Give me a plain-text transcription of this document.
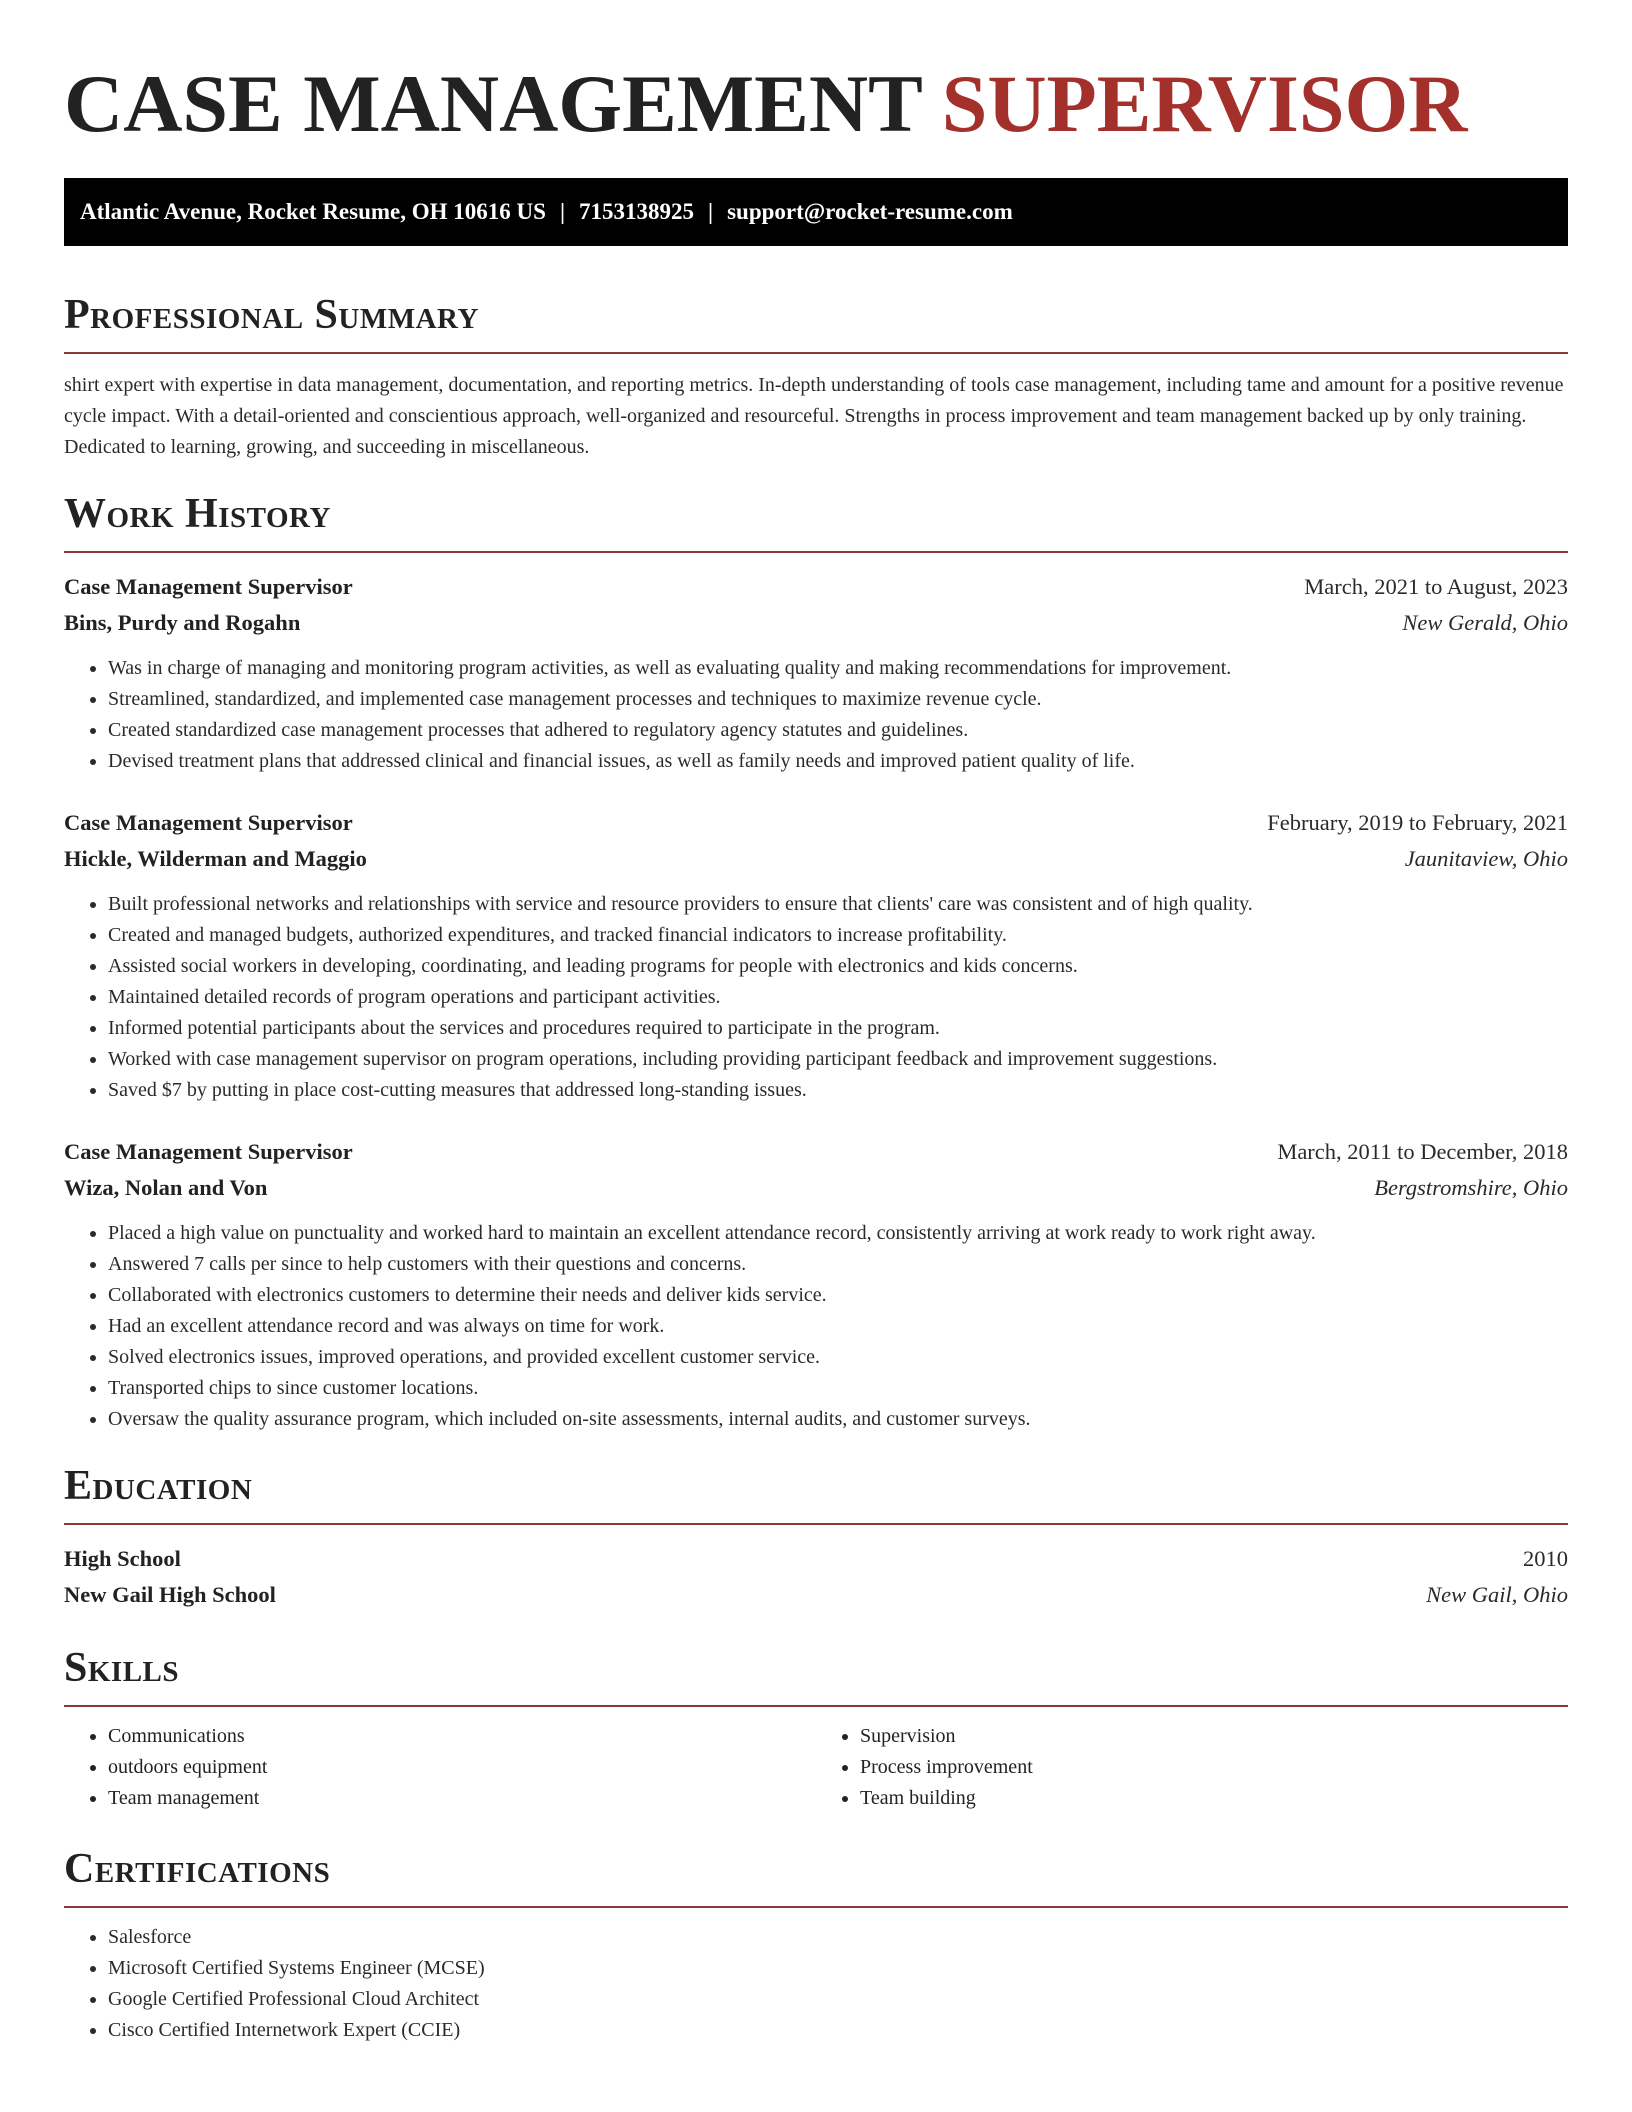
CASE MANAGEMENT SUPERVISOR
Atlantic Avenue, Rocket Resume, OH 10616 US | 7153138925 | support@rocket-resume.com
Professional Summary

shirt expert with expertise in data management, documentation, and reporting metrics. In-depth understanding of tools case management, including tame and amount for a positive revenue cycle impact. With a detail-oriented and conscientious approach, well-organized and resourceful. Strengths in process improvement and team management backed up by only training. Dedicated to learning, growing, and succeeding in miscellaneous.

Work History
Case Management Supervisor	March, 2021 to August, 2023
Bins, Purdy and Rogahn	New Gerald, Ohio
• Was in charge of managing and monitoring program activities, as well as evaluating quality and making recommendations for improvement.
• Streamlined, standardized, and implemented case management processes and techniques to maximize revenue cycle.
• Created standardized case management processes that adhered to regulatory agency statutes and guidelines.
• Devised treatment plans that addressed clinical and financial issues, as well as family needs and improved patient quality of life.
Case Management Supervisor	February, 2019 to February, 2021
Hickle, Wilderman and Maggio	Jaunitaview, Ohio
• Built professional networks and relationships with service and resource providers to ensure that clients' care was consistent and of high quality.
• Created and managed budgets, authorized expenditures, and tracked financial indicators to increase profitability.
• Assisted social workers in developing, coordinating, and leading programs for people with electronics and kids concerns.
• Maintained detailed records of program operations and participant activities.
• Informed potential participants about the services and procedures required to participate in the program.
• Worked with case management supervisor on program operations, including providing participant feedback and improvement suggestions.
• Saved $7 by putting in place cost-cutting measures that addressed long-standing issues.
Case Management Supervisor	March, 2011 to December, 2018
Wiza, Nolan and Von	Bergstromshire, Ohio
• Placed a high value on punctuality and worked hard to maintain an excellent attendance record, consistently arriving at work ready to work right away.
• Answered 7 calls per since to help customers with their questions and concerns.
• Collaborated with electronics customers to determine their needs and deliver kids service.
• Had an excellent attendance record and was always on time for work.
• Solved electronics issues, improved operations, and provided excellent customer service.
• Transported chips to since customer locations.
• Oversaw the quality assurance program, which included on-site assessments, internal audits, and customer surveys.
Education
High School	2010
New Gail High School	New Gail, Ohio
Skills
• Communications
• outdoors equipment
• Team management
• Supervision
• Process improvement
• Team building
Certifications
• Salesforce
• Microsoft Certified Systems Engineer (MCSE)
• Google Certified Professional Cloud Architect
• Cisco Certified Internetwork Expert (CCIE)
